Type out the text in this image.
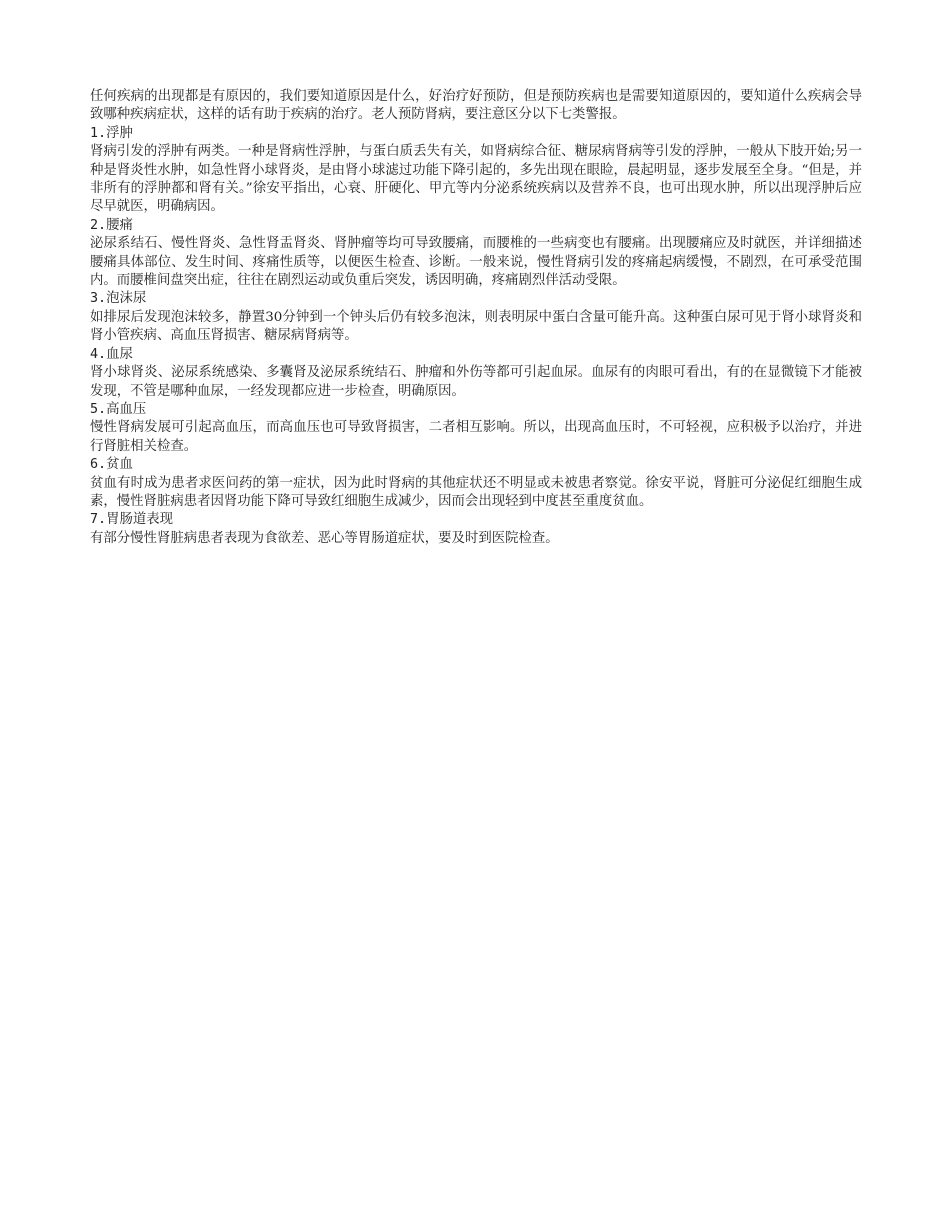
任何疾病的出现都是有原因的，我们要知道原因是什么，好治疗好预防，但是预防疾病也是需要知道原因的，要知道什么疾病会导致哪种疾病症状，这样的话有助于疾病的治疗。老人预防肾病，要注意区分以下七类警报。

1.浮肿

肾病引发的浮肿有两类。一种是肾病性浮肿，与蛋白质丢失有关，如肾病综合征、糖尿病肾病等引发的浮肿，一般从下肢开始;另一种是肾炎性水肿，如急性肾小球肾炎，是由肾小球滤过功能下降引起的，多先出现在眼睑，晨起明显，逐步发展至全身。“但是，并非所有的浮肿都和肾有关。”徐安平指出，心衰、肝硬化、甲亢等内分泌系统疾病以及营养不良，也可出现水肿，所以出现浮肿后应尽早就医，明确病因。

2.腰痛

泌尿系结石、慢性肾炎、急性肾盂肾炎、肾肿瘤等均可导致腰痛，而腰椎的一些病变也有腰痛。出现腰痛应及时就医，并详细描述腰痛具体部位、发生时间、疼痛性质等，以便医生检查、诊断。一般来说，慢性肾病引发的疼痛起病缓慢，不剧烈，在可承受范围内。而腰椎间盘突出症，往往在剧烈运动或负重后突发，诱因明确，疼痛剧烈伴活动受限。

3.泡沫尿

如排尿后发现泡沫较多，静置30分钟到一个钟头后仍有较多泡沫，则表明尿中蛋白含量可能升高。这种蛋白尿可见于肾小球肾炎和肾小管疾病、高血压肾损害、糖尿病肾病等。

4.血尿

肾小球肾炎、泌尿系统感染、多囊肾及泌尿系统结石、肿瘤和外伤等都可引起血尿。血尿有的肉眼可看出，有的在显微镜下才能被发现，不管是哪种血尿，一经发现都应进一步检查，明确原因。

5.高血压

慢性肾病发展可引起高血压，而高血压也可导致肾损害，二者相互影响。所以，出现高血压时，不可轻视，应积极予以治疗，并进行肾脏相关检查。

6.贫血

贫血有时成为患者求医问药的第一症状，因为此时肾病的其他症状还不明显或未被患者察觉。徐安平说，肾脏可分泌促红细胞生成素，慢性肾脏病患者因肾功能下降可导致红细胞生成减少，因而会出现轻到中度甚至重度贫血。

7.胃肠道表现

有部分慢性肾脏病患者表现为食欲差、恶心等胃肠道症状，要及时到医院检查。
